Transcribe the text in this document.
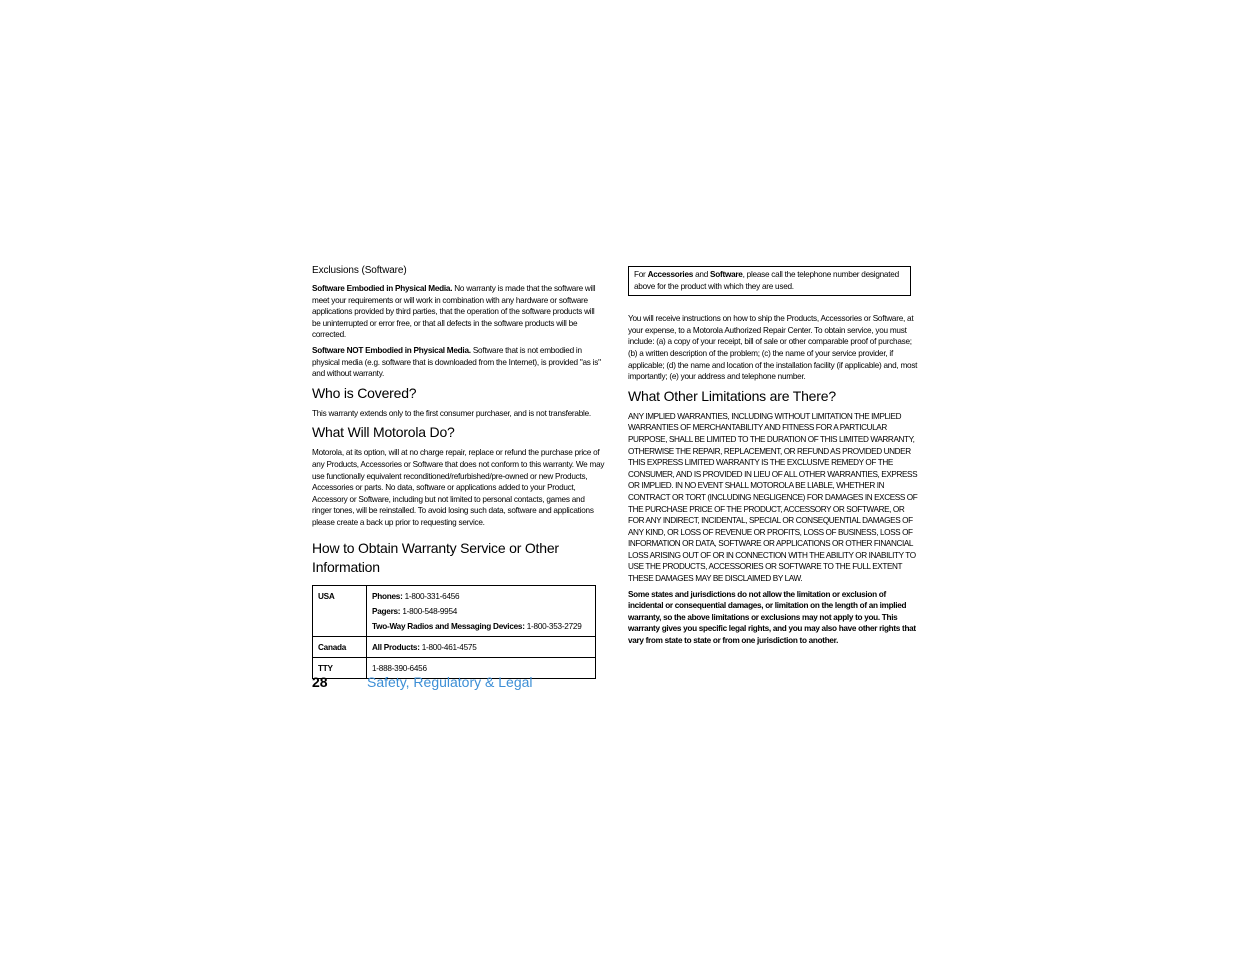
Exclusions (Software)

Software Embodied in Physical Media. No warranty is made that the software will meet your requirements or will work in combination with any hardware or software applications provided by third parties, that the operation of the software products will be uninterrupted or error free, or that all defects in the software products will be corrected.

Software NOT Embodied in Physical Media. Software that is not embodied in physical media (e.g. software that is downloaded from the Internet), is provided "as is" and without warranty.

Who is Covered?

This warranty extends only to the first consumer purchaser, and is not transferable.

What Will Motorola Do?

Motorola, at its option, will at no charge repair, replace or refund the purchase price of any Products, Accessories or Software that does not conform to this warranty. We may use functionally equivalent reconditioned/refurbished/pre-owned or new Products, Accessories or parts. No data, software or applications added to your Product, Accessory or Software, including but not limited to personal contacts, games and ringer tones, will be reinstalled. To avoid losing such data, software and applications please create a back up prior to requesting service.

How to Obtain Warranty Service or Other Information
USA	Phones: 1-800-331-6456
Pagers: 1-800-548-9954
Two-Way Radios and Messaging Devices: 1-800-353-2729

Canada	All Products: 1-800-461-4575
TTY	1-888-390-6456
For Accessories and Software, please call the telephone number designated above for the product with which they are used.

You will receive instructions on how to ship the Products, Accessories or Software, at your expense, to a Motorola Authorized Repair Center. To obtain service, you must include: (a) a copy of your receipt, bill of sale or other comparable proof of purchase; (b) a written description of the problem; (c) the name of your service provider, if applicable; (d) the name and location of the installation facility (if applicable) and, most importantly; (e) your address and telephone number.

What Other Limitations are There?

ANY IMPLIED WARRANTIES, INCLUDING WITHOUT LIMITATION THE IMPLIED WARRANTIES OF MERCHANTABILITY AND FITNESS FOR A PARTICULAR PURPOSE, SHALL BE LIMITED TO THE DURATION OF THIS LIMITED WARRANTY, OTHERWISE THE REPAIR, REPLACEMENT, OR REFUND AS PROVIDED UNDER THIS EXPRESS LIMITED WARRANTY IS THE EXCLUSIVE REMEDY OF THE CONSUMER, AND IS PROVIDED IN LIEU OF ALL OTHER WARRANTIES, EXPRESS OR IMPLIED. IN NO EVENT SHALL MOTOROLA BE LIABLE, WHETHER IN CONTRACT OR TORT (INCLUDING NEGLIGENCE) FOR DAMAGES IN EXCESS OF THE PURCHASE PRICE OF THE PRODUCT, ACCESSORY OR SOFTWARE, OR FOR ANY INDIRECT, INCIDENTAL, SPECIAL OR CONSEQUENTIAL DAMAGES OF ANY KIND, OR LOSS OF REVENUE OR PROFITS, LOSS OF BUSINESS, LOSS OF INFORMATION OR DATA, SOFTWARE OR APPLICATIONS OR OTHER FINANCIAL LOSS ARISING OUT OF OR IN CONNECTION WITH THE ABILITY OR INABILITY TO USE THE PRODUCTS, ACCESSORIES OR SOFTWARE TO THE FULL EXTENT THESE DAMAGES MAY BE DISCLAIMED BY LAW.

Some states and jurisdictions do not allow the limitation or exclusion of incidental or consequential damages, or limitation on the length of an implied warranty, so the above limitations or exclusions may not apply to you. This warranty gives you specific legal rights, and you may also have other rights that vary from state to state or from one jurisdiction to another.

28	Safety, Regulatory & Legal
